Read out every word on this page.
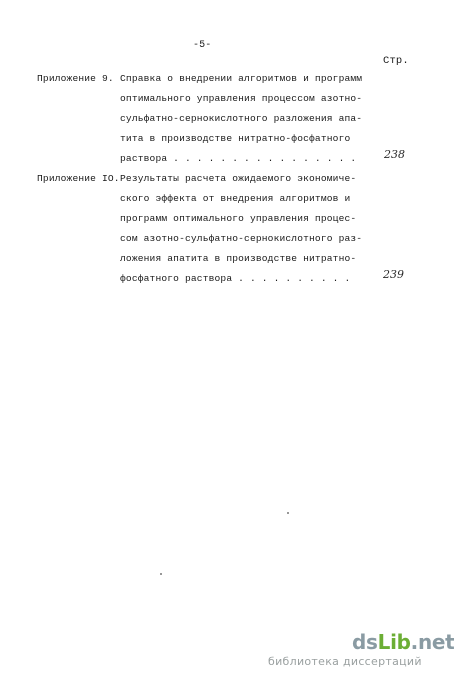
-5-
Стр.
Приложение 9. Справка о внедрении алгоритмов и программ
оптимального управления процессом азотно-
сульфатно-сернокислотного разложения апа-
тита в производстве нитратно-фосфатного
раствора . . . . . . . . . . . . . . . .	238
Приложение IO. Результаты расчета ожидаемого экономиче-
ского эффекта от внедрения алгоритмов и
программ оптимального управления процес-
сом азотно-сульфатно-сернокислотного раз-
ложения апатита в производстве нитратно-
фосфатного раствора . . . . . . . . . .	239
dsLib.net
библиотека диссертаций
